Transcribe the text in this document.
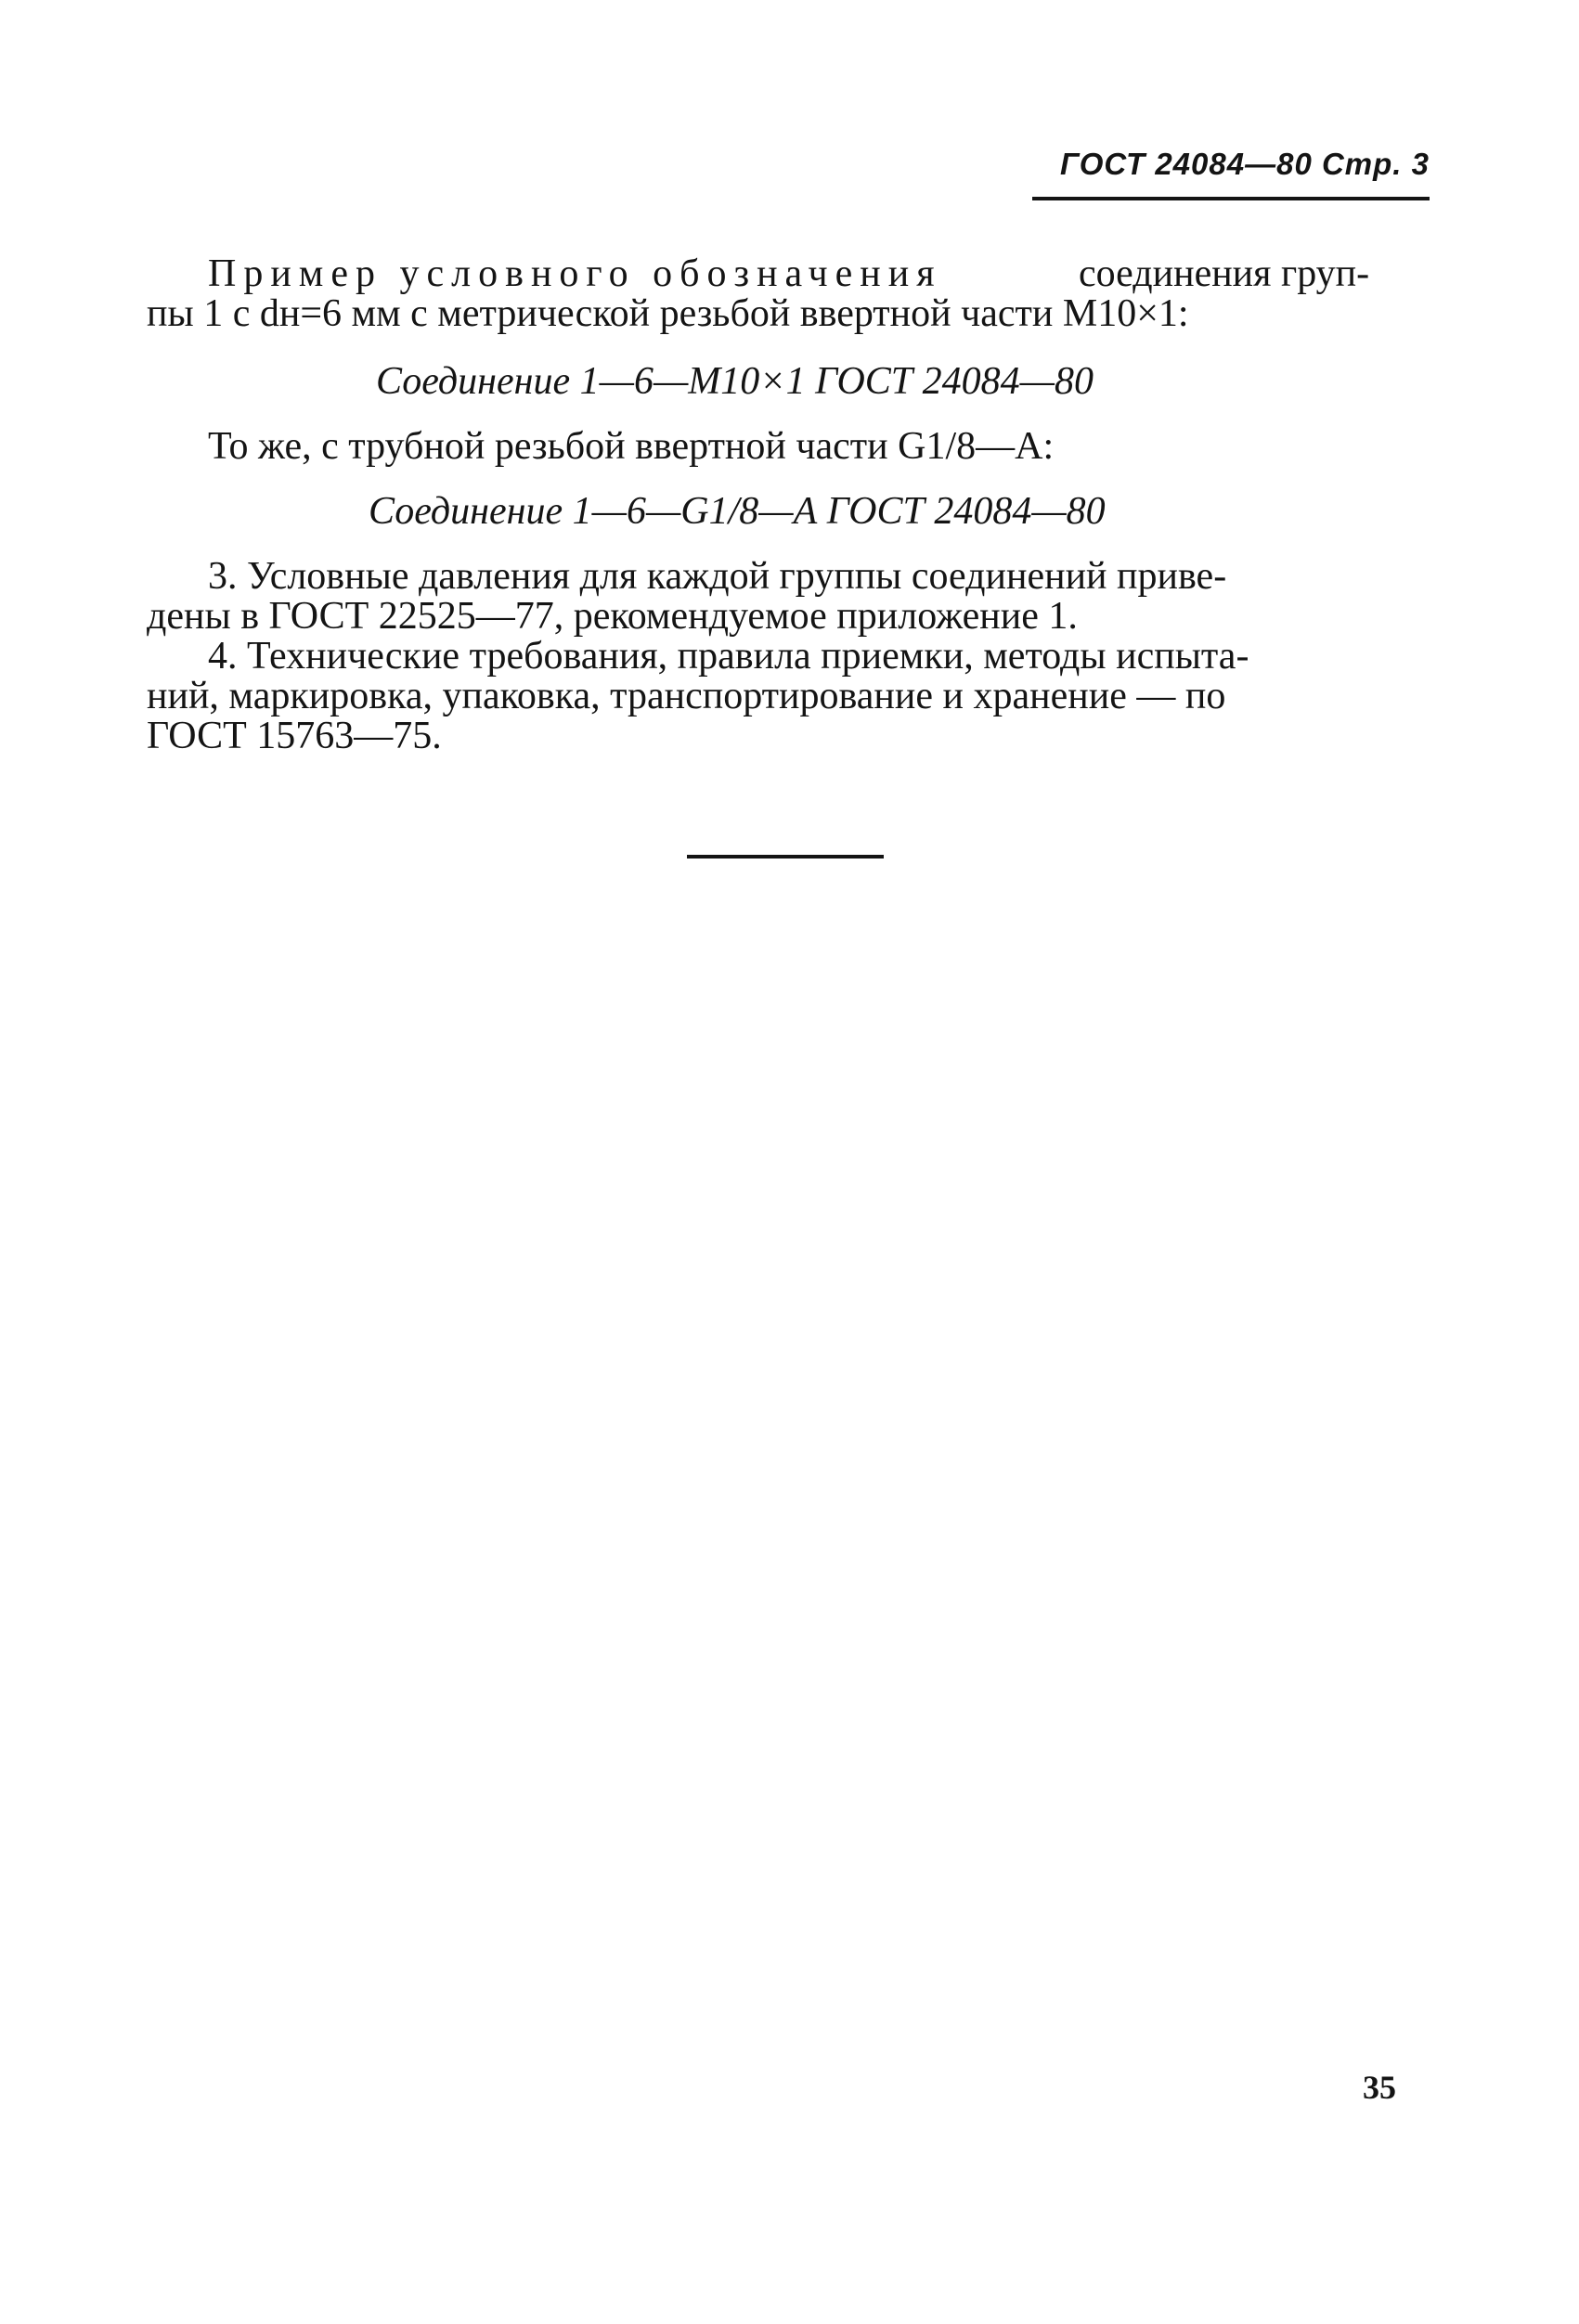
ГОСТ 24084—80 Стр. 3
Пример условного обозначения	соединения груп-
пы 1 с dн=6 мм с метрической резьбой ввертной части М10×1:
Соединение 1—6—М10×1 ГОСТ 24084—80
То же, с трубной резьбой ввертной части G1/8—А:
Соединение 1—6—G1/8—А ГОСТ 24084—80
3. Условные давления для каждой группы соединений приве-
дены в ГОСТ 22525—77, рекомендуемое приложение 1.
4. Технические требования, правила приемки, методы испыта-
ний, маркировка, упаковка, транспортирование и хранение — по
ГОСТ 15763—75.
35
